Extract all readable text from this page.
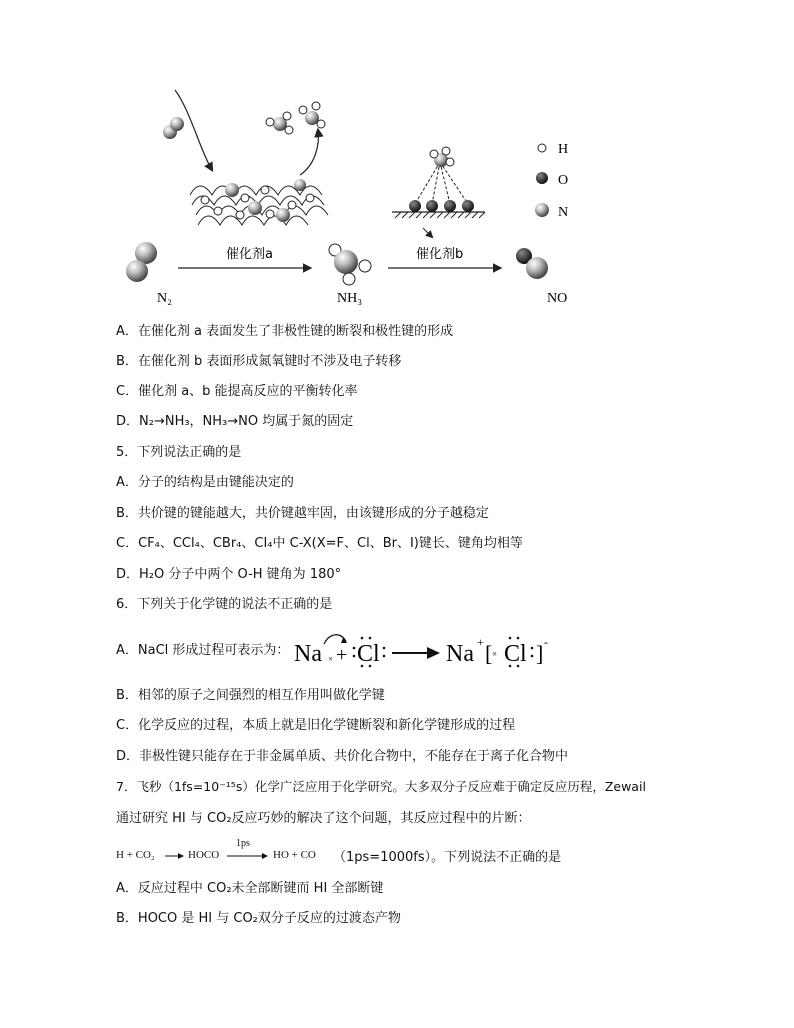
催化剂a	催化剂b
N₂	NH₃	NO
H
O
N
A．在催化剂 a 表面发生了非极性键的断裂和极性键的形成
B．在催化剂 b 表面形成氮氧键时不涉及电子转移
C．催化剂 a、b 能提高反应的平衡转化率
D．N₂→NH₃，NH₃→NO 均属于氮的固定
5．下列说法正确的是
A．分子的结构是由键能决定的
B．共价键的键能越大，共价键越牢固，由该键形成的分子越稳定
C．CF₄、CCl₄、CBr₄、CI₄中 C-X(X=F、Cl、Br、I)键长、键角均相等
D．H₂O 分子中两个 O-H 键角为 180°
6．下列关于化学键的说法不正确的是
A．NaCl 形成过程可表示为： Na × + Cl	Na + [ × Cl ] -
B．相邻的原子之间强烈的相互作用叫做化学键
C．化学反应的过程，本质上就是旧化学键断裂和新化学键形成的过程
D．非极性键只能存在于非金属单质、共价化合物中，不能存在于离子化合物中
7．飞秒（1fs=10⁻¹⁵s）化学广泛应用于化学研究。大多双分子反应难于确定反应历程，Zewail
通过研究 HI 与 CO₂反应巧妙的解决了这个问题，其反应过程中的片断：
H + CO₂	HOCO
1ps
HO + CO （1ps=1000fs）。下列说法不正确的是
A．反应过程中 CO₂未全部断键而 HI 全部断键
B．HOCO 是 HI 与 CO₂双分子反应的过渡态产物
